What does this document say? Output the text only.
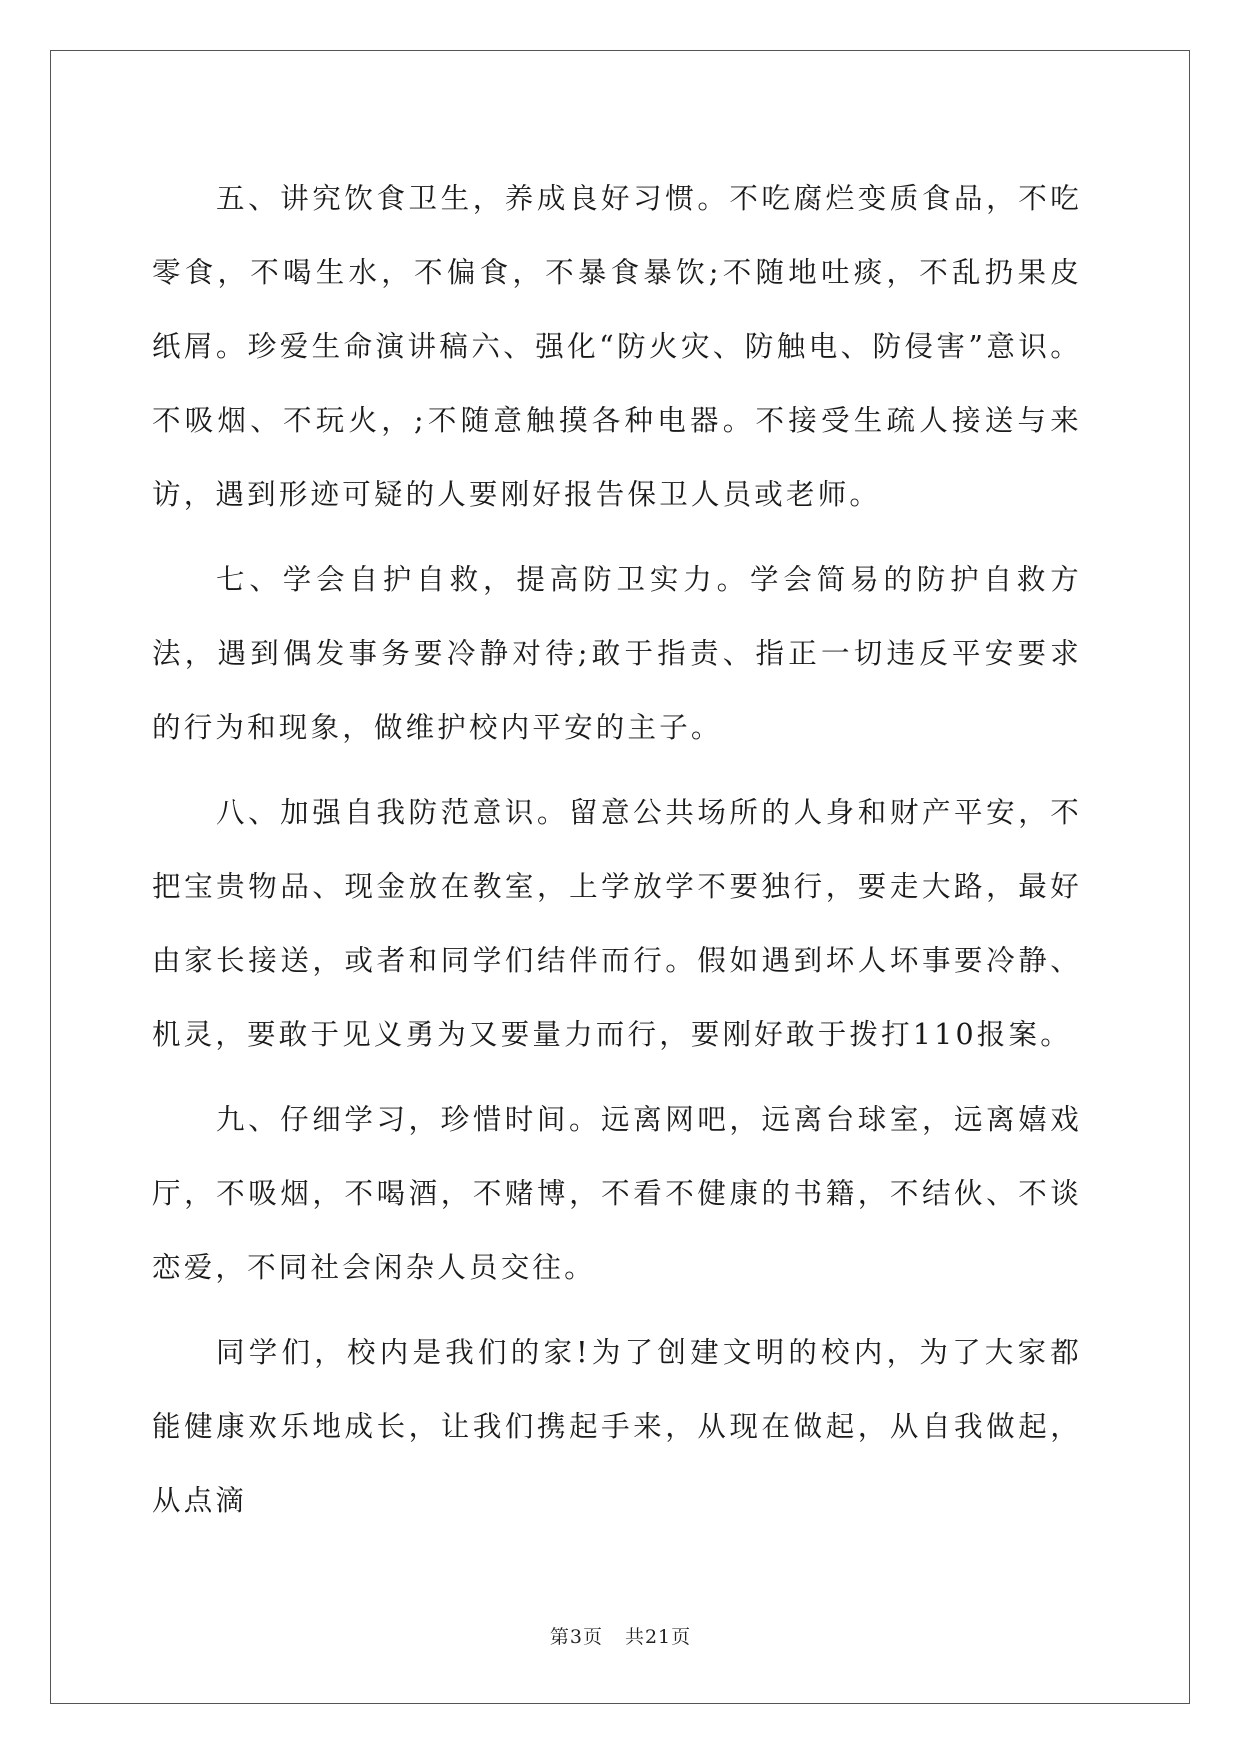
五、讲究饮食卫生，养成良好习惯。不吃腐烂变质食品，不吃零食，不喝生水，不偏食，不暴食暴饮;不随地吐痰，不乱扔果皮纸屑。珍爱生命演讲稿六、强化“防火灾、防触电、防侵害”意识。不吸烟、不玩火，;不随意触摸各种电器。不接受生疏人接送与来访，遇到形迹可疑的人要刚好报告保卫人员或老师。

七、学会自护自救，提高防卫实力。学会简易的防护自救方法，遇到偶发事务要冷静对待;敢于指责、指正一切违反平安要求的行为和现象，做维护校内平安的主子。

八、加强自我防范意识。留意公共场所的人身和财产平安，不把宝贵物品、现金放在教室，上学放学不要独行，要走大路，最好由家长接送，或者和同学们结伴而行。假如遇到坏人坏事要冷静、机灵，要敢于见义勇为又要量力而行，要刚好敢于拨打110报案。

九、仔细学习，珍惜时间。远离网吧，远离台球室，远离嬉戏厅，不吸烟，不喝酒，不赌博，不看不健康的书籍，不结伙、不谈恋爱，不同社会闲杂人员交往。

同学们，校内是我们的家!为了创建文明的校内，为了大家都能健康欢乐地成长，让我们携起手来，从现在做起，从自我做起，从点滴

第3页 共21页
